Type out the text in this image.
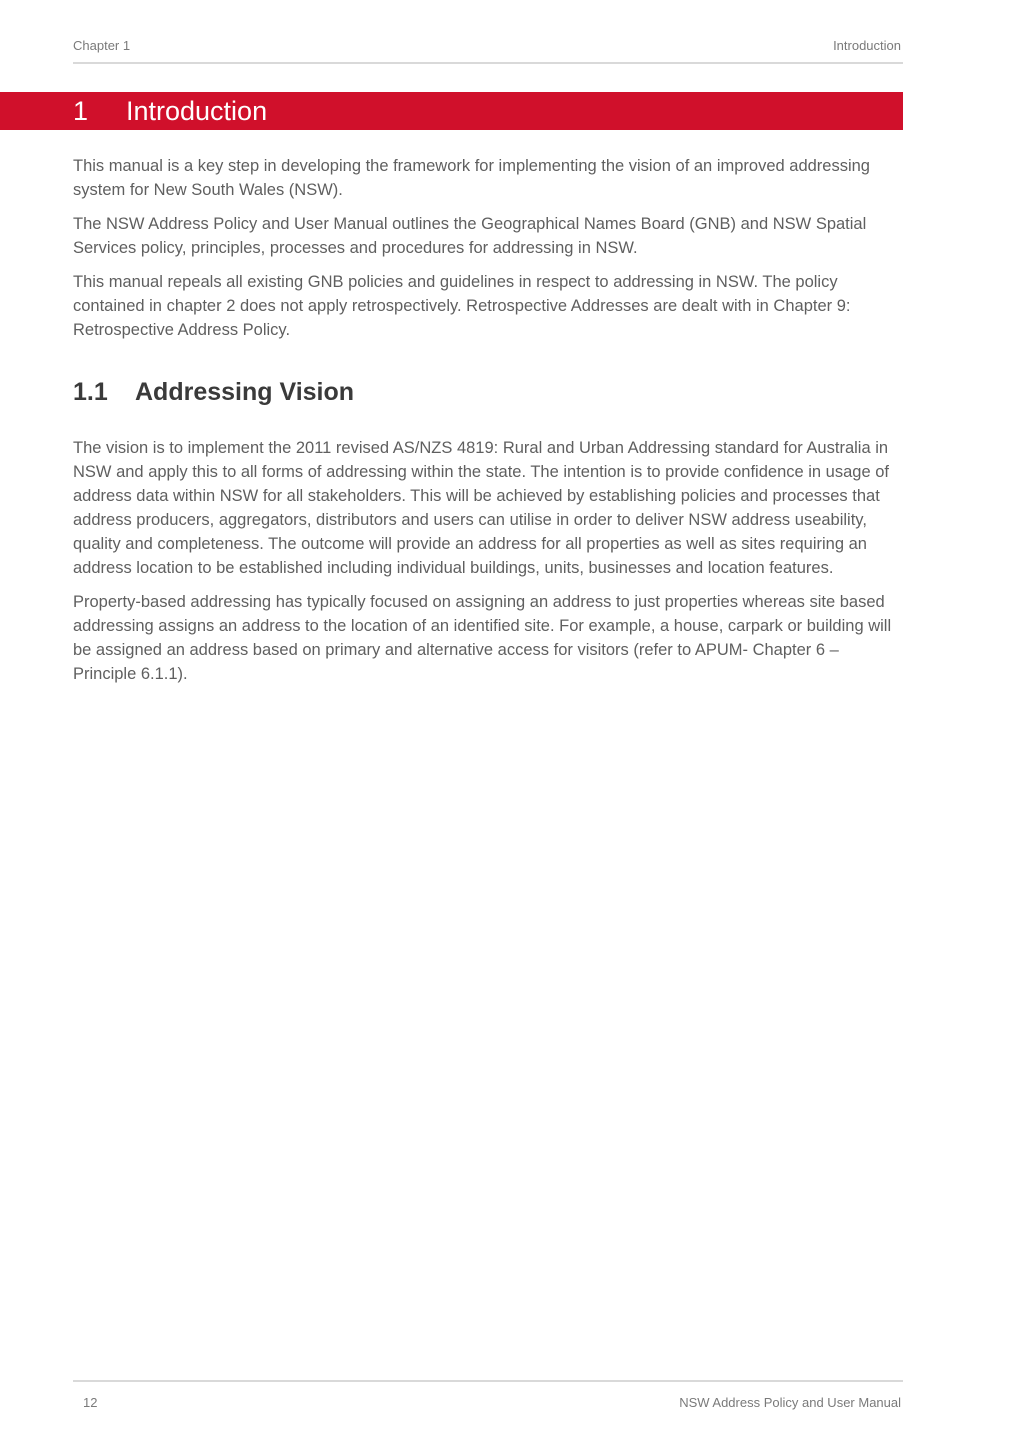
Chapter 1	Introduction
1 Introduction

This manual is a key step in developing the framework for implementing the vision of an improved addressing system for New South Wales (NSW).

The NSW Address Policy and User Manual outlines the Geographical Names Board (GNB) and NSW Spatial Services policy, principles, processes and procedures for addressing in NSW.

This manual repeals all existing GNB policies and guidelines in respect to addressing in NSW. The policy contained in chapter 2 does not apply retrospectively. Retrospective Addresses are dealt with in Chapter 9: Retrospective Address Policy.

1.1 Addressing Vision

The vision is to implement the 2011 revised AS/NZS 4819: Rural and Urban Addressing standard for Australia in NSW and apply this to all forms of addressing within the state. The intention is to provide confidence in usage of address data within NSW for all stakeholders. This will be achieved by establishing policies and processes that address producers, aggregators, distributors and users can utilise in order to deliver NSW address useability, quality and completeness. The outcome will provide an address for all properties as well as sites requiring an address location to be established including individual buildings, units, businesses and location features.

Property-based addressing has typically focused on assigning an address to just properties whereas site based addressing assigns an address to the location of an identified site. For example, a house, carpark or building will be assigned an address based on primary and alternative access for visitors (refer to APUM- Chapter 6 – Principle 6.1.1).

12	NSW Address Policy and User Manual
